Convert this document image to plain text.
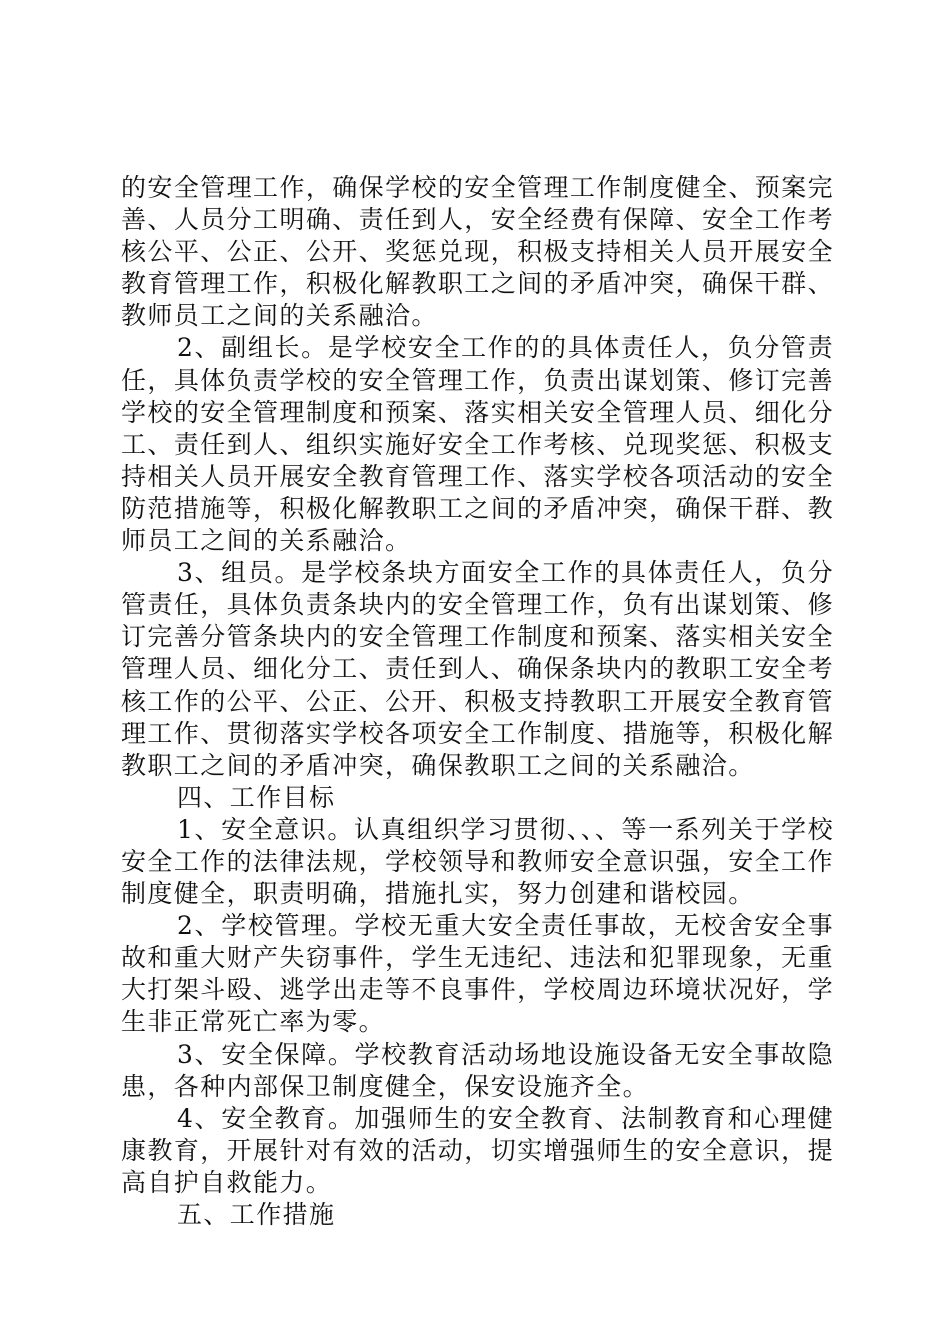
的安全管理工作，确保学校的安全管理工作制度健全、预案完善、人员分工明确、责任到人，安全经费有保障、安全工作考核公平、公正、公开、奖惩兑现，积极支持相关人员开展安全教育管理工作，积极化解教职工之间的矛盾冲突，确保干群、教师员工之间的关系融洽。

2、副组长。是学校安全工作的的具体责任人，负分管责任，具体负责学校的安全管理工作，负责出谋划策、修订完善学校的安全管理制度和预案、落实相关安全管理人员、细化分工、责任到人、组织实施好安全工作考核、兑现奖惩、积极支持相关人员开展安全教育管理工作、落实学校各项活动的安全防范措施等，积极化解教职工之间的矛盾冲突，确保干群、教师员工之间的关系融洽。

3、组员。是学校条块方面安全工作的具体责任人，负分管责任，具体负责条块内的安全管理工作，负有出谋划策、修订完善分管条块内的安全管理工作制度和预案、落实相关安全管理人员、细化分工、责任到人、确保条块内的教职工安全考核工作的公平、公正、公开、积极支持教职工开展安全教育管理工作、贯彻落实学校各项安全工作制度、措施等，积极化解教职工之间的矛盾冲突，确保教职工之间的关系融洽。

四、工作目标

1、安全意识。认真组织学习贯彻、、、等一系列关于学校安全工作的法律法规，学校领导和教师安全意识强，安全工作制度健全，职责明确，措施扎实，努力创建和谐校园。

2、学校管理。学校无重大安全责任事故，无校舍安全事故和重大财产失窃事件，学生无违纪、违法和犯罪现象，无重大打架斗殴、逃学出走等不良事件，学校周边环境状况好，学生非正常死亡率为零。

3、安全保障。学校教育活动场地设施设备无安全事故隐患，各种内部保卫制度健全，保安设施齐全。

4、安全教育。加强师生的安全教育、法制教育和心理健康教育，开展针对有效的活动，切实增强师生的安全意识，提高自护自救能力。

五、工作措施
